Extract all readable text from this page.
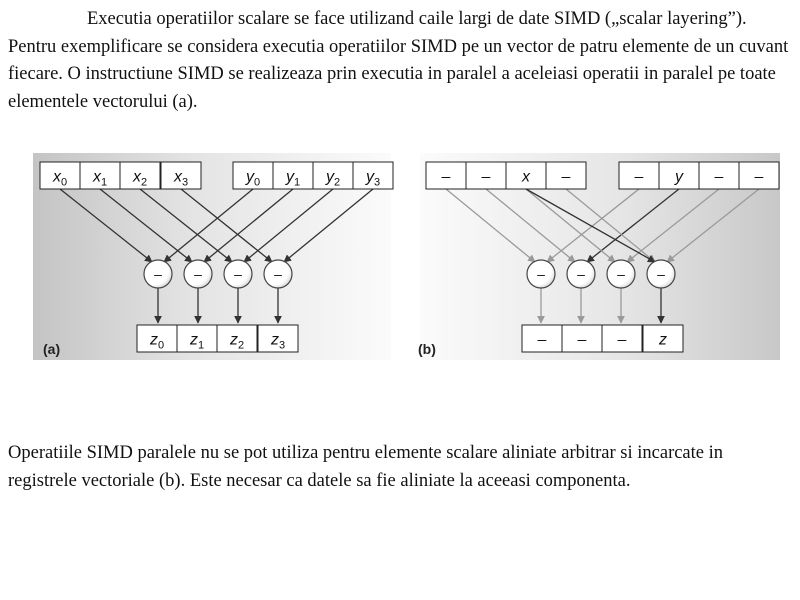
Executia operatiilor scalare se face utilizand caile largi de date SIMD („scalar layering”). Pentru exemplificare se considera executia operatiilor SIMD pe un vector de patru elemente de un cuvant fiecare. O instructiune SIMD se realizeaza prin executia in paralel a aceleiasi operatii in paralel pe toate elementele vectorului (a).

$x_0$	$y_0$
–
$z_0$
$x_1$	$y_1$
–
$z_1$
$x_2$	$y_2$
–
$z_2$
$x_3$	$y_3$
–
$z_3$
–	–
–
–
–	y
–
–
x	–
–
–
–	–
–
z
(a)	(b)

Operatiile SIMD paralele nu se pot utiliza pentru elemente scalare aliniate arbitrar si incarcate in registrele vectoriale (b). Este necesar ca datele sa fie aliniate la aceeasi componenta.
